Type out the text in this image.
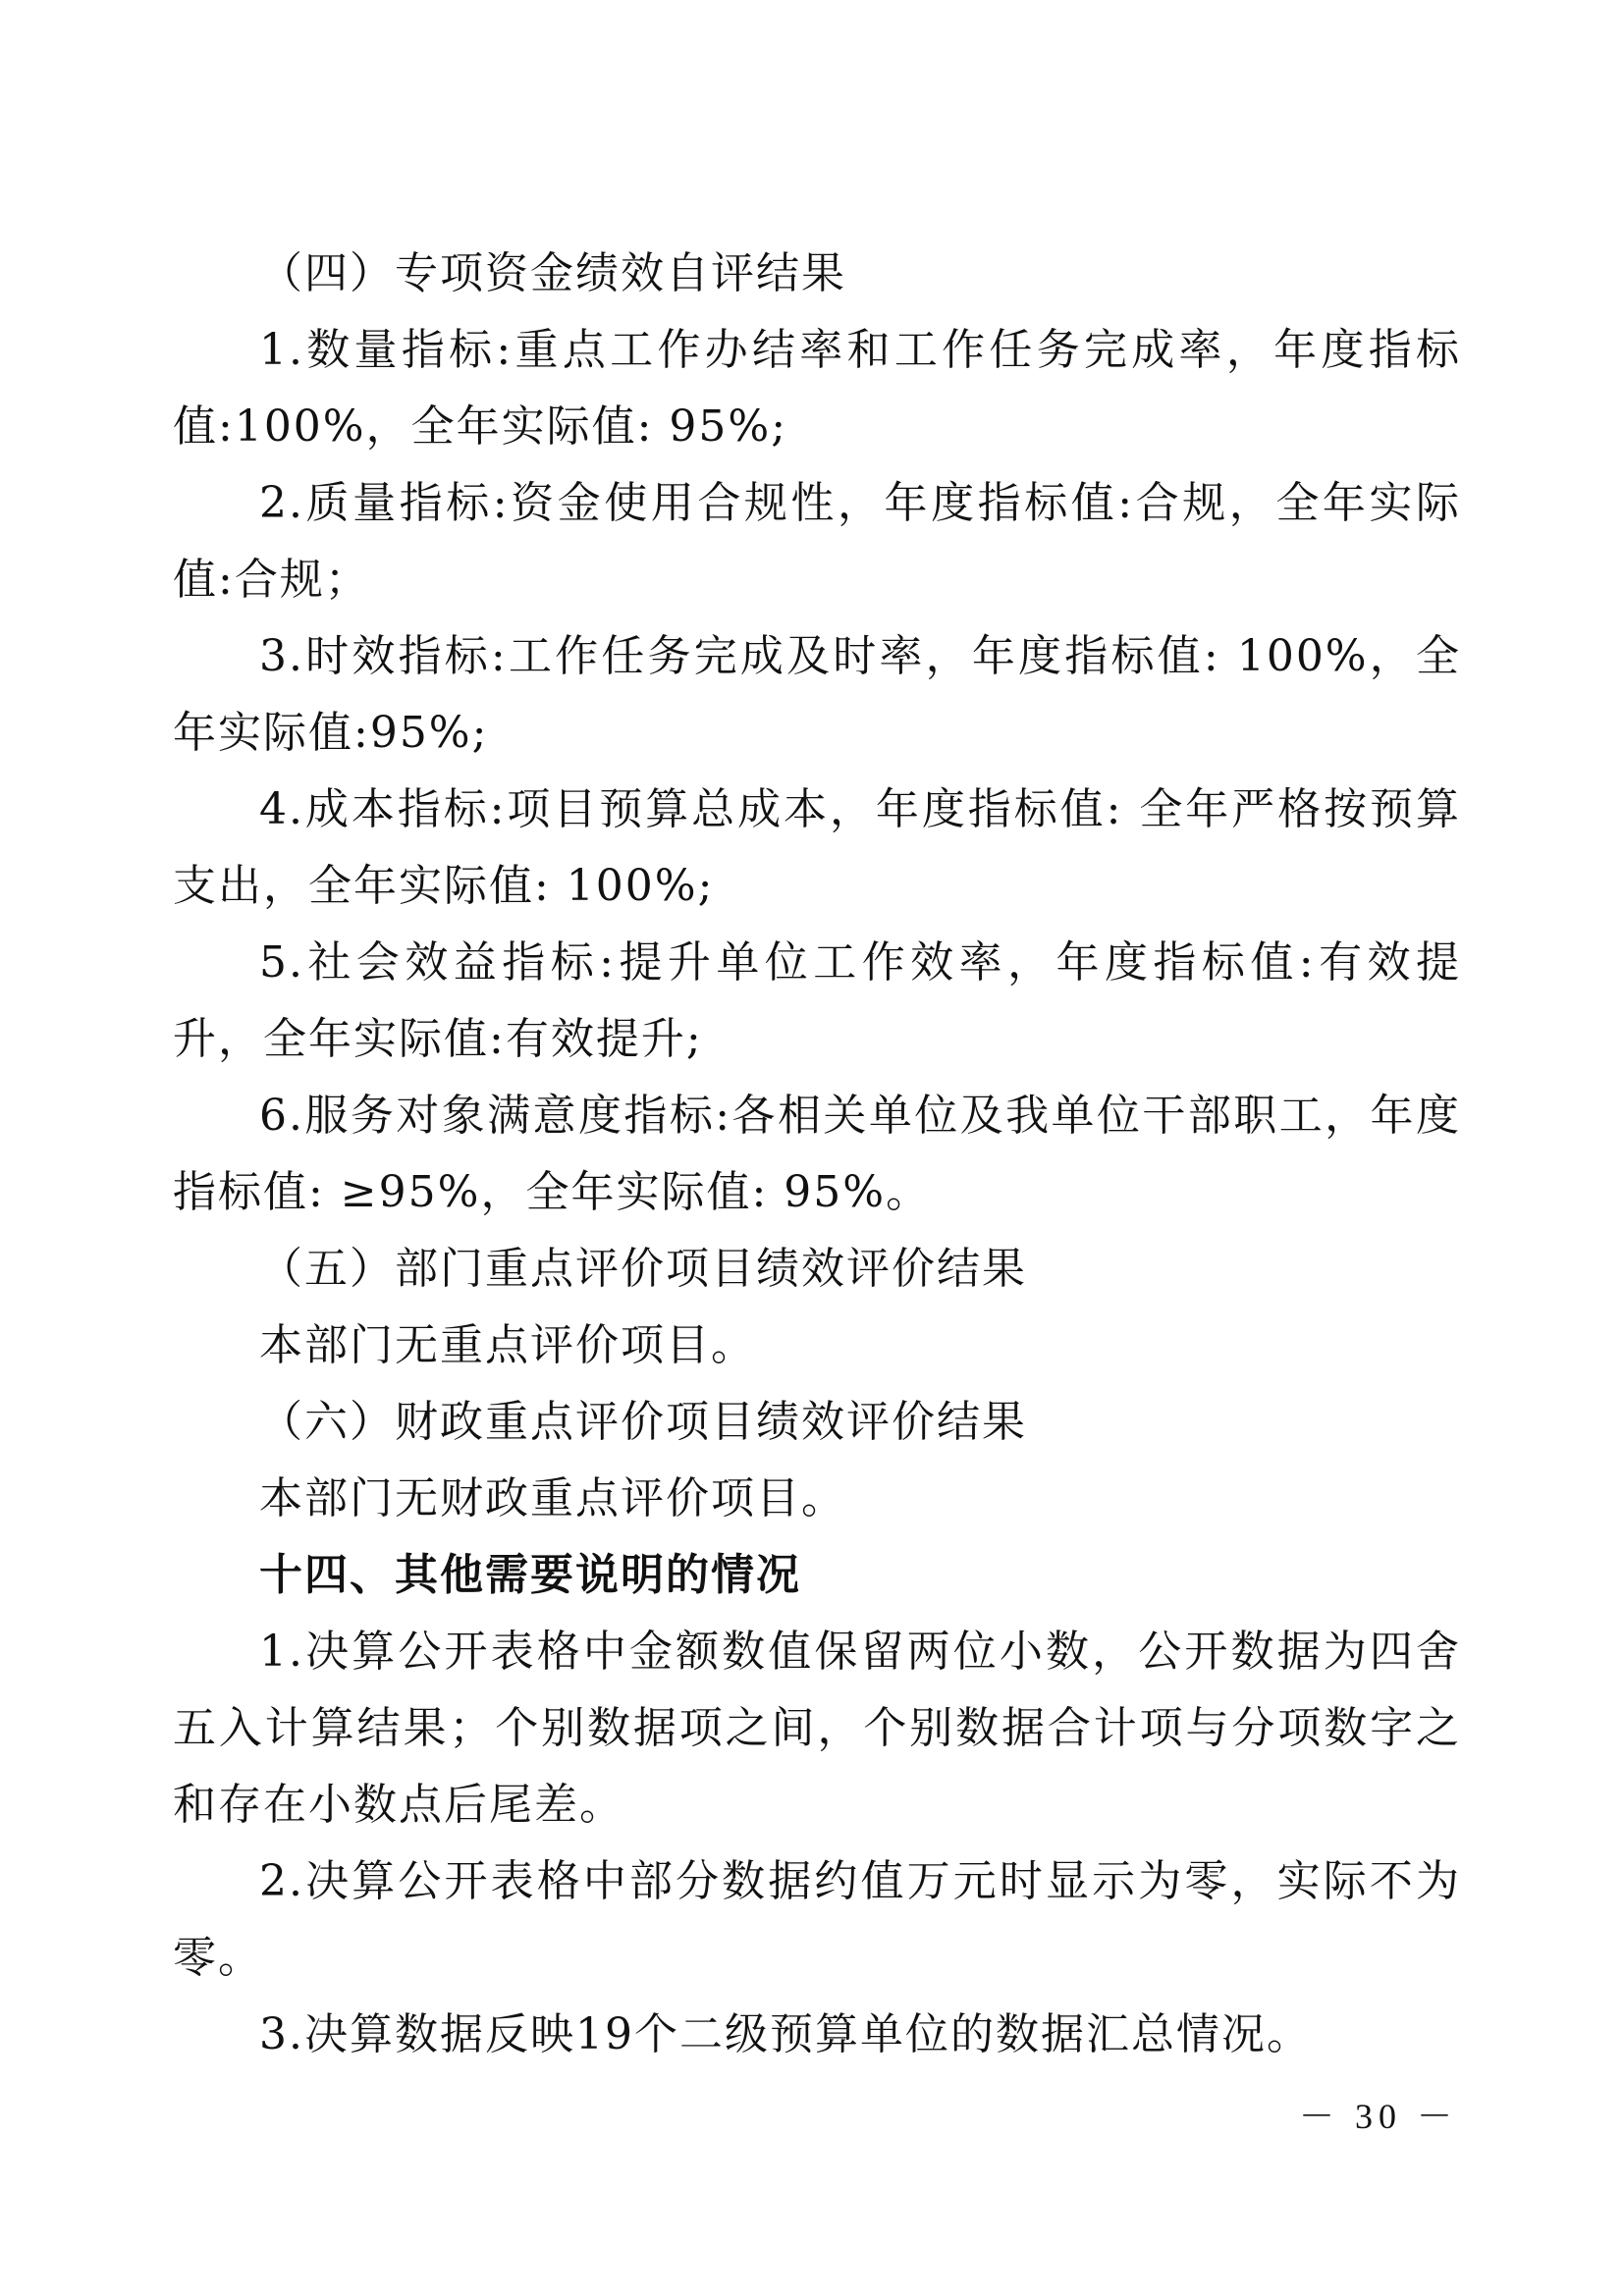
（四）专项资金绩效自评结果

1.数量指标:重点工作办结率和工作任务完成率，年度指标值:100%，全年实际值: 95%;

2.质量指标:资金使用合规性，年度指标值:合规，全年实际值:合规；

3.时效指标:工作任务完成及时率，年度指标值: 100%，全年实际值:95%;

4.成本指标:项目预算总成本，年度指标值: 全年严格按预算支出，全年实际值: 100%;

5.社会效益指标:提升单位工作效率，年度指标值:有效提升，全年实际值:有效提升;

6.服务对象满意度指标:各相关单位及我单位干部职工，年度指标值: ≥95%，全年实际值: 95%。

（五）部门重点评价项目绩效评价结果

本部门无重点评价项目。

（六）财政重点评价项目绩效评价结果

本部门无财政重点评价项目。

十四、其他需要说明的情况

1.决算公开表格中金额数值保留两位小数，公开数据为四舍五入计算结果；个别数据项之间，个别数据合计项与分项数字之和存在小数点后尾差。

2.决算公开表格中部分数据约值万元时显示为零，实际不为零。

3.决算数据反映19个二级预算单位的数据汇总情况。

－ 30 －
